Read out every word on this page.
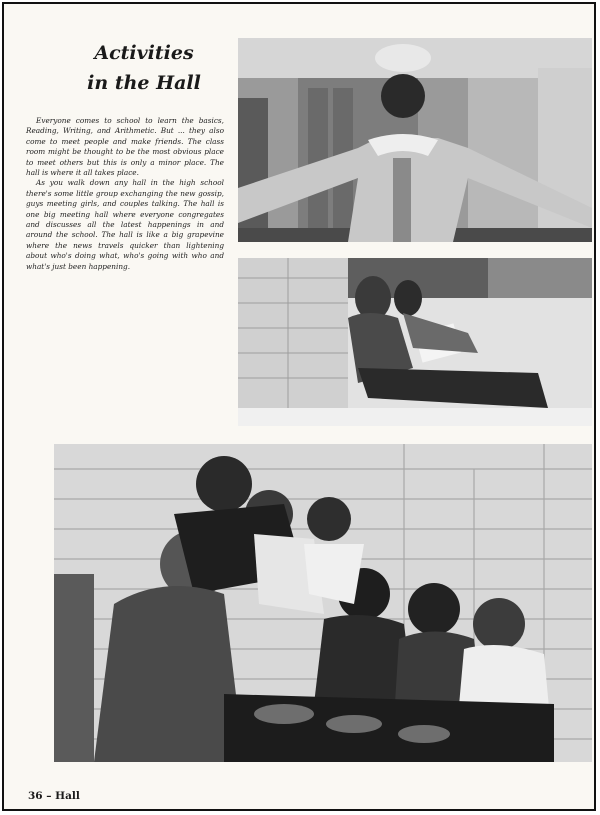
Activities
in the Hall

Everyone comes to school to learn the basics, Reading, Writing, and Arithmetic. But ... they also come to meet people and make friends. The class room might be thought to be the most obvious place to meet others but this is only a minor place. The hall is where it all takes place.

As you walk down any hall in the high school there's some little group exchanging the new gossip, guys meeting girls, and couples talking. The hall is one big meeting hall where everyone congregates and discusses all the latest happenings in and around the school. The hall is like a big grapevine where the news travels quicker than lightening about who's doing what, who's going with who and what's just been happening.

36 – Hall
